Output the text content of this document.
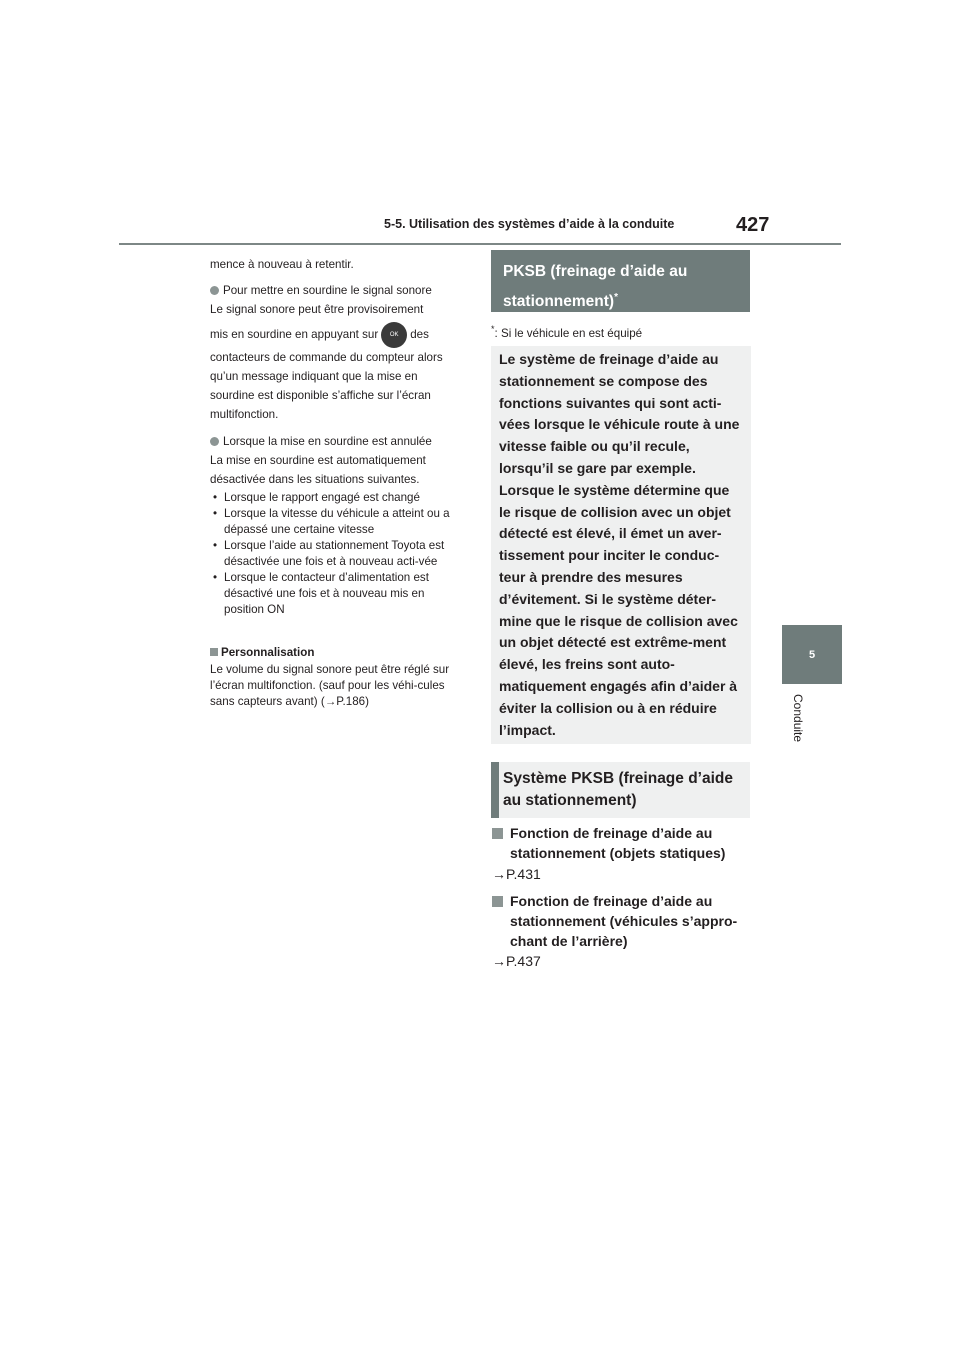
5-5. Utilisation des systèmes d’aide à la conduite	427
5
Conduite
mence à nouveau à retentir.

Pour mettre en sourdine le signal sonore

Le signal sonore peut être provisoirement

mis en sourdine en appuyant sur OK des

contacteurs de commande du compteur alors

qu’un message indiquant que la mise en

sourdine est disponible s’affiche sur l’écran

multifonction.

Lorsque la mise en sourdine est annulée

La mise en sourdine est automatiquement

désactivée dans les situations suivantes.

• Lorsque le rapport engagé est changé
• Lorsque la vitesse du véhicule a atteint ou a dépassé une certaine vitesse
• Lorsque l’aide au stationnement Toyota est désactivée une fois et à nouveau acti-vée
• Lorsque le contacteur d’alimentation est désactivé une fois et à nouveau mis en position ON

Personnalisation

Le volume du signal sonore peut être réglé sur l’écran multifonction. (sauf pour les véhi-cules sans capteurs avant) (→P.186)

PKSB (freinage d’aide au
stationnement)*
*: Si le véhicule en est équipé

Le système de freinage d’aide au stationnement se compose des fonctions suivantes qui sont acti-vées lorsque le véhicule route à une vitesse faible ou qu’il recule, lorsqu’il se gare par exemple. Lorsque le système détermine que le risque de collision avec un objet détecté est élevé, il émet un aver-tissement pour inciter le conduc-teur à prendre des mesures d’évitement. Si le système déter-mine que le risque de collision avec un objet détecté est extrême-ment élevé, les freins sont auto-matiquement engagés afin d’aider à éviter la collision ou à en réduire l’impact.

Système PKSB (freinage d’aide au stationnement)
Fonction de freinage d’aide au stationnement (objets statiques)
→P.431
Fonction de freinage d’aide au stationnement (véhicules s’appro-chant de l’arrière)
→P.437
